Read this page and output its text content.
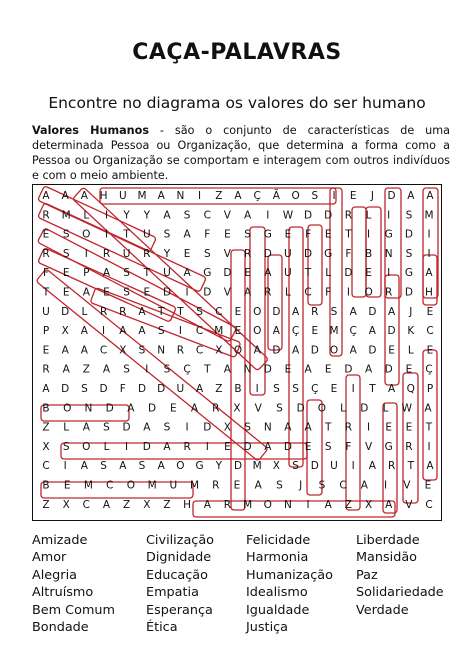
CAÇA-PALAVRAS
Encontre no diagrama os valores do ser humano
Valores Humanos - são o conjunto de características de uma determinada Pessoa ou Organização, que determina a forma como a Pessoa ou Organização se comportam e interagem com outros indivíduos e com o meio ambiente.
A A A H U M A N I Z A Ç Ã O S I E J D A A
R M L I Y Y A S C V A I W D D R L I S M
E S O I T U S A F E S G E F E T I G D I
R S I R U R Y E S V R D U D G F B N S I
F E P A S T U A G D E A U T L D E I G A
T E A E S E D I D V A R L C F I O R D H
U D L R R A T T S C E O D A R S A D A J E
P X A I A A S I C M E O A Ç E M Ç A D K C
E A A C X S N R C X O A D A D O A D E L E
R A Z A S I S Ç T A N D E A E D A D E Ç
A D S D F D D U A Z B I S S Ç E I T A Q P
B O N D A D E A R X V S D O L D L W A
Z L A S D A S I D X S N A A T R I E E T
X S O L I D A R I E D A D E S F V G R I
C I A S A S A O G Y D M X S D U I A R T A
B E M C O M U M R E A S J S C A I V E
Z X C A Z X Z H A R M O N I A Z X A V C
Amizade
Amor
Alegria
Altruísmo
Bem Comum
Bondade
Civilização
Dignidade
Educação
Empatia
Esperança
Ética
Felicidade
Harmonia
Humanização
Idealismo
Igualdade
Justiça
Liberdade
Mansidão
Paz
Solidariedade
Verdade
